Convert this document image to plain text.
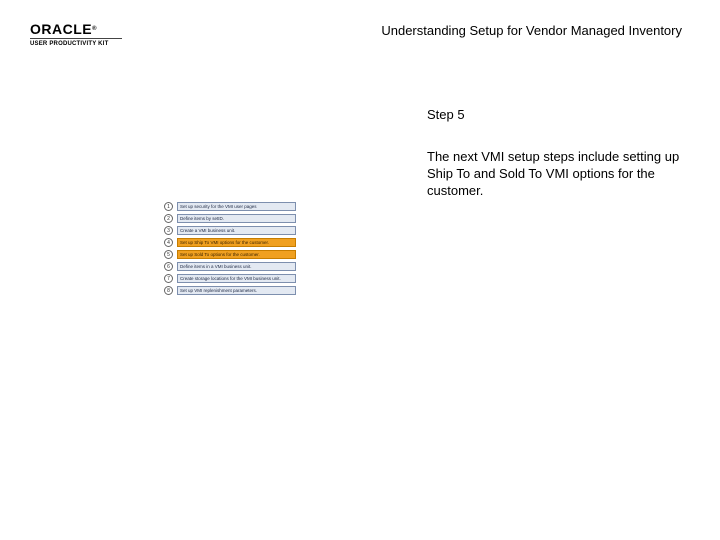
ORACLE®
USER PRODUCTIVITY KIT
Understanding Setup for Vendor Managed Inventory
Step 5
The next VMI setup steps include setting up Ship To and Sold To VMI options for the customer.
1	Set up security for the VMI user pages
2	Define items by setID.
3	Create a VMI business unit.
4	Set up Ship To VMI options for the customer.
5	Set up Sold To options for the customer.
6	Define items in a VMI business unit.
7	Create storage locations for the VMI business unit.
8	Set up VMI replenishment parameters.
